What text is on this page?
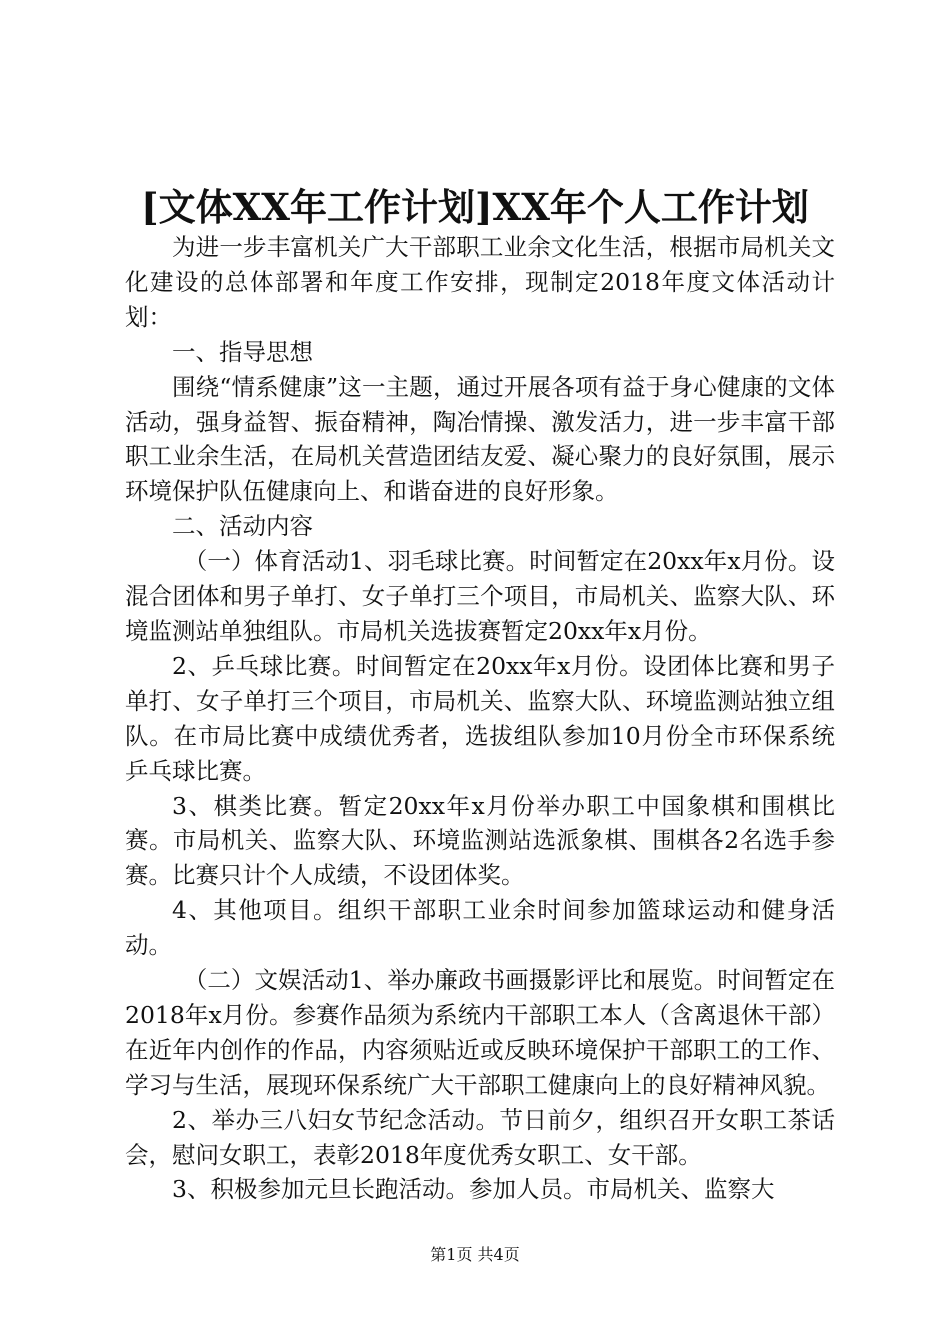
[文体XX年工作计划]XX年个人工作计划

为进一步丰富机关广大干部职工业余文化生活，根据市局机关文化建设的总体部署和年度工作安排，现制定2018年度文体活动计划：

一、指导思想

围绕“情系健康”这一主题，通过开展各项有益于身心健康的文体活动，强身益智、振奋精神，陶冶情操、激发活力，进一步丰富干部职工业余生活，在局机关营造团结友爱、凝心聚力的良好氛围，展示环境保护队伍健康向上、和谐奋进的良好形象。

二、活动内容

（一）体育活动1、羽毛球比赛。时间暂定在20xx年x月份。设混合团体和男子单打、女子单打三个项目，市局机关、监察大队、环境监测站单独组队。市局机关选拔赛暂定20xx年x月份。

2、乒乓球比赛。时间暂定在20xx年x月份。设团体比赛和男子单打、女子单打三个项目，市局机关、监察大队、环境监测站独立组队。在市局比赛中成绩优秀者，选拔组队参加10月份全市环保系统乒乓球比赛。

3、棋类比赛。暂定20xx年x月份举办职工中国象棋和围棋比赛。市局机关、监察大队、环境监测站选派象棋、围棋各2名选手参赛。比赛只计个人成绩，不设团体奖。

4、其他项目。组织干部职工业余时间参加篮球运动和健身活动。

（二）文娱活动1、举办廉政书画摄影评比和展览。时间暂定在2018年x月份。参赛作品须为系统内干部职工本人（含离退休干部）在近年内创作的作品，内容须贴近或反映环境保护干部职工的工作、学习与生活，展现环保系统广大干部职工健康向上的良好精神风貌。

2、举办三八妇女节纪念活动。节日前夕，组织召开女职工茶话会，慰问女职工，表彰2018年度优秀女职工、女干部。

3、积极参加元旦长跑活动。参加人员。市局机关、监察大

第1页 共4页
